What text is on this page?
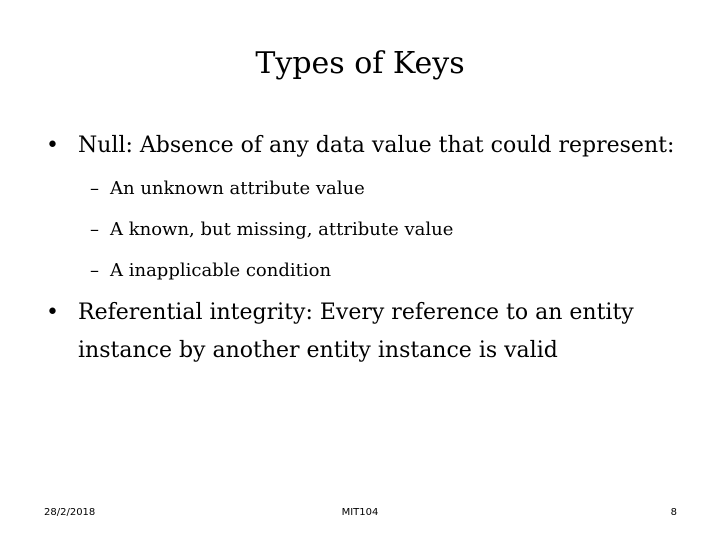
Types of Keys
• Null: Absence of any data value that could represent:
– An unknown attribute value
– A known, but missing, attribute value
– A inapplicable condition
• Referential integrity: Every reference to an entity instance by another entity instance is valid
28/2/2018	MIT104	8
